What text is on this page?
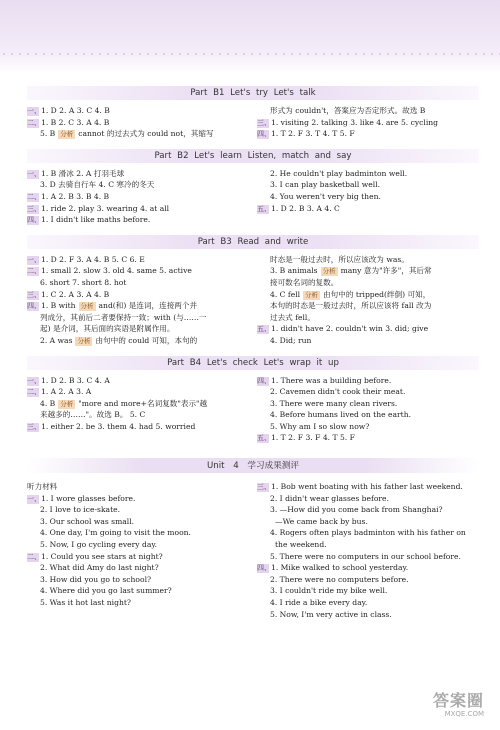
Part B1 Let's try Let's talk
一、1. D 2. A 3. C 4. B
二、1. B 2. C 3. A 4. B
5. B 分析 cannot 的过去式为 could not，其缩写
形式为 couldn't，答案应为否定形式。故选 B
三、1. visiting 2. talking 3. like 4. are 5. cycling
四、1. T 2. F 3. T 4. T 5. F
Part B2 Let's learn Listen, match and say
一、1. B 滑冰 2. A 打羽毛球
3. D 去骑自行车 4. C 寒冷的冬天
二、1. A 2. B 3. B 4. B
三、1. ride 2. play 3. wearing 4. at all
四、1. I didn't like maths before.
2. He couldn't play badminton well.
3. I can play basketball well.
4. You weren't very big then.
五、1. D 2. B 3. A 4. C
Part B3 Read and write
一、1. D 2. F 3. A 4. B 5. C 6. E
二、1. small 2. slow 3. old 4. same 5. active
6. short 7. short 8. hot
三、1. C 2. A 3. A 4. B
四、1. B with 分析 and(和) 是连词，连接两个并
列成分，其前后二者要保持一致；with (与……一
起) 是介词，其后面的宾语是附属作用。
2. A was 分析 由句中的 could 可知，本句的
时态是一般过去时，所以应该改为 was。
3. B animals 分析 many 意为"许多"，其后常
接可数名词的复数。
4. C fell 分析 由句中的 tripped(绊倒) 可知，
本句的时态是一般过去时，所以应该将 fall 改为
过去式 fell。
五、1. didn't have 2. couldn't win 3. did; give
4. Did; run
Part B4 Let's check Let's wrap it up
一、1. D 2. B 3. C 4. A
二、1. A 2. A 3. A
4. B 分析 "more and more+名词复数"表示"越
来越多的……"。故选 B。 5. C
三、1. either 2. be 3. them 4. had 5. worried
四、1. There was a building before.
2. Cavemen didn't cook their meat.
3. There were many clean rivers.
4. Before humans lived on the earth.
5. Why am I so slow now?
五、1. T 2. F 3. F 4. T 5. F
Unit 4 学习成果测评
听力材料
一、1. I wore glasses before.
2. I love to ice-skate.
3. Our school was small.
4. One day, I'm going to visit the moon.
5. Now, I go cycling every day.
二、1. Could you see stars at night?
2. What did Amy do last night?
3. How did you go to school?
4. Where did you go last summer?
5. Was it hot last night?
三、1. Bob went boating with his father last weekend.
2. I didn't wear glasses before.
3. —How did you come back from Shanghai?
—We came back by bus.
4. Rogers often plays badminton with his father on
the weekend.
5. There were no computers in our school before.
四、1. Mike walked to school yesterday.
2. There were no computers before.
3. I couldn't ride my bike well.
4. I ride a bike every day.
5. Now, I'm very active in class.
答案圈
MXQE.COM
